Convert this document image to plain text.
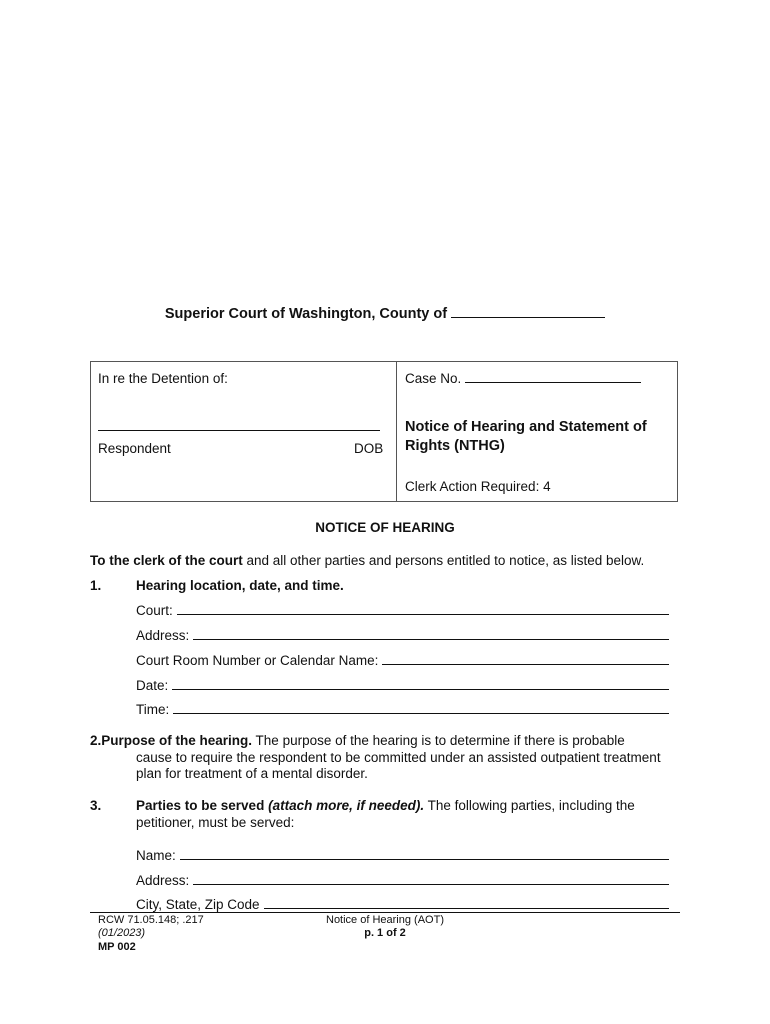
Superior Court of Washington, County of
In re the Detention of:
Respondent	DOB
Case No.
Notice of Hearing and Statement of Rights (NTHG)
Clerk Action Required: 4
NOTICE OF HEARING
To the clerk of the court and all other parties and persons entitled to notice, as listed below.
1.	Hearing location, date, and time.
Court:
Address:
Court Room Number or Calendar Name:
Date:
Time:
2.Purpose of the hearing. The purpose of the hearing is to determine if there is probable
cause to require the respondent to be committed under an assisted outpatient treatment
plan for treatment of a mental disorder.
3.	Parties to be served (attach more, if needed). The following parties, including the petitioner, must be served:
Name:
Address:
City, State, Zip Code
RCW 71.05.148; .217
(01/2023)
MP 002
Notice of Hearing (AOT)
p. 1 of 2
